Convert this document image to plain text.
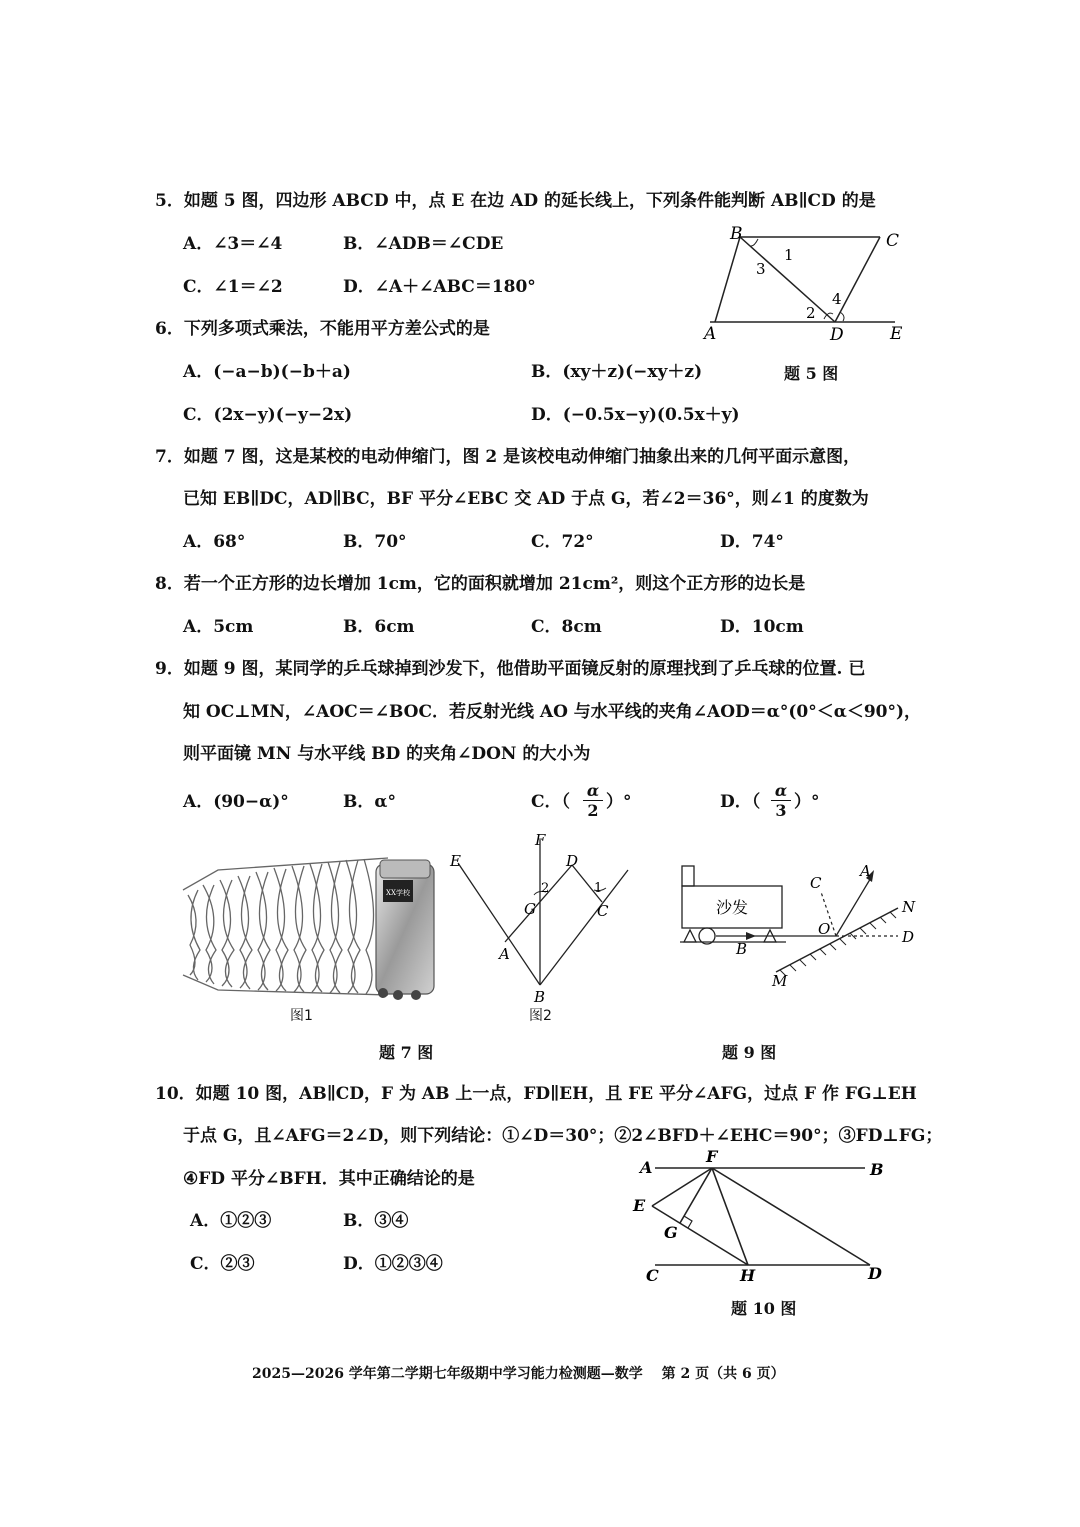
5．如题 5 图，四边形 ABCD 中，点 E 在边 AD 的延长线上，下列条件能判断 AB∥CD 的是
A．∠3＝∠4	B．∠ADB＝∠CDE
C．∠1＝∠2	D．∠A＋∠ABC＝180°
B	C
1
3
2
4
A	D	E
题 5 图
6．下列多项式乘法，不能用平方差公式的是
A．(−a−b)(−b＋a)	B．(xy＋z)(−xy＋z)
C．(2x−y)(−y−2x)	D．(−0.5x−y)(0.5x＋y)
7．如题 7 图，这是某校的电动伸缩门，图 2 是该校电动伸缩门抽象出来的几何平面示意图，
已知 EB∥DC，AD∥BC，BF 平分∠EBC 交 AD 于点 G，若∠2＝36°，则∠1 的度数为
A．68°	B．70°	C．72°	D．74°
8．若一个正方形的边长增加 1cm，它的面积就增加 21cm²，则这个正方形的边长是
A．5cm	B．6cm	C．8cm	D．10cm
9．如题 9 图，某同学的乒乓球掉到沙发下，他借助平面镜反射的原理找到了乒乓球的位置. 已
知 OC⊥MN，∠AOC＝∠BOC．若反射光线 AO 与水平线的夹角∠AOD＝α°(0°＜α＜90°)，
则平面镜 MN 与水平线 BD 的夹角∠DON 的大小为
A．(90−α)°	B．α°	C．（ $\frac{\alpha}{2}$ ）°	D．（ $\frac{\alpha}{3}$ ）°
XX学校
图1
E
F
D
2	1
G	C
A
B
图2
题 7 图
沙发
C
A
N
O	D
B
M
题 9 图
10．如题 10 图，AB∥CD，F 为 AB 上一点，FD∥EH，且 FE 平分∠AFG，过点 F 作 FG⊥EH
于点 G，且∠AFG＝2∠D，则下列结论：①∠D＝30°；②2∠BFD＋∠EHC＝90°；③FD⊥FG；
④FD 平分∠BFH．其中正确结论的是
A．①②③	B．③④
C．②③	D．①②③④
A
F
B
E
G
C	H	D
题 10 图
2025—2026 学年第二学期七年级期中学习能力检测题—数学　 第 2 页（共 6 页）
